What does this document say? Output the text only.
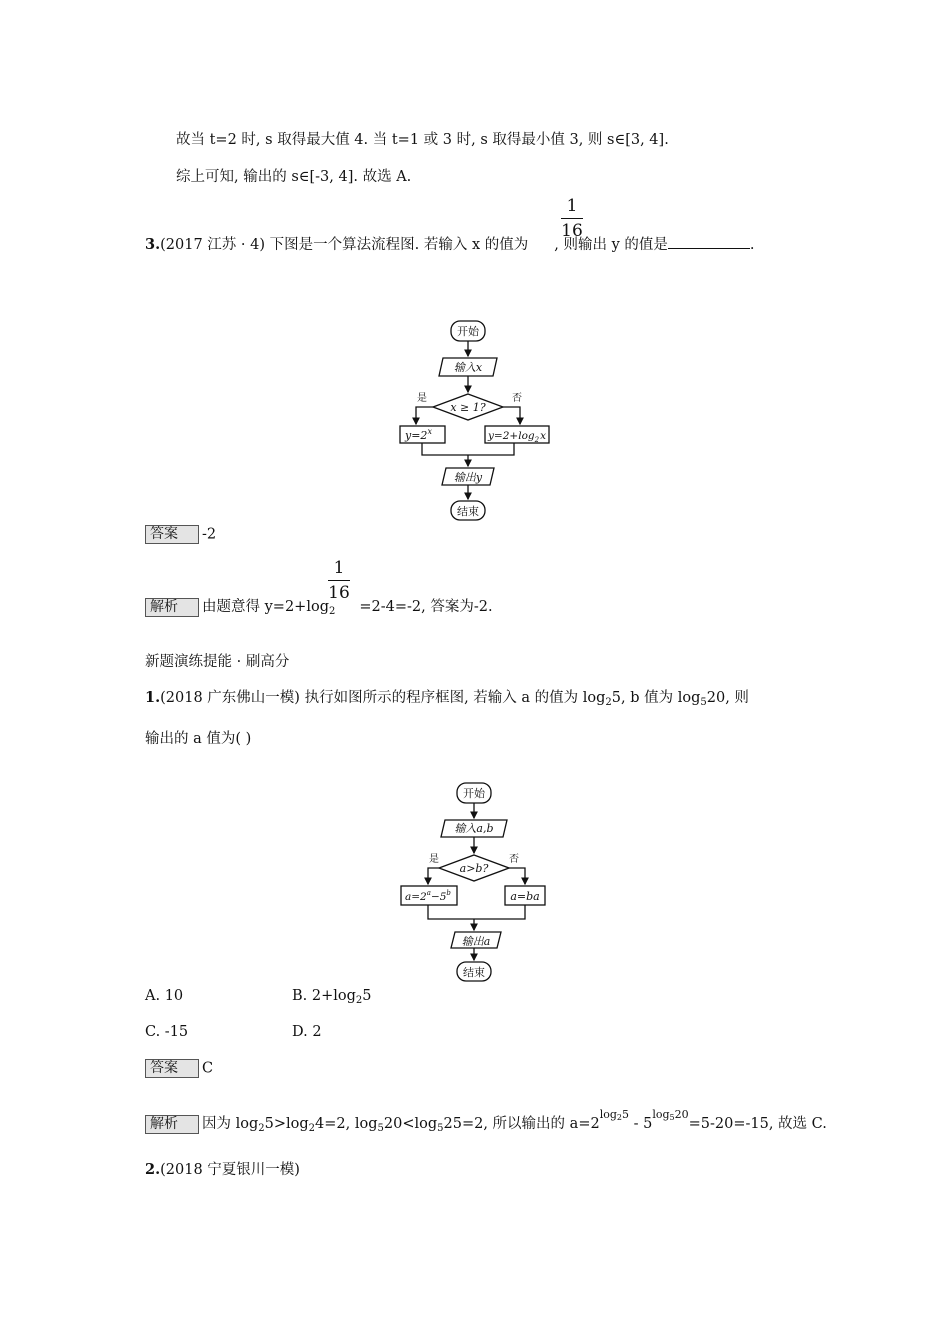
故当 t=2 时, s 取得最大值 4. 当 t=1 或 3 时, s 取得最小值 3, 则 s∈[3, 4].
综上可知, 输出的 s∈[-3, 4]. 故选 A.
3.(2017 江苏 · 4) 下图是一个算法流程图. 若输入 x 的值为 , 则输出 y 的值是	.
1
16
开始
输入x
x ≥ 1?
是	否
$y=2^x$	$y=2+\log_2x$
输出y
结束
答案 -2
解析 由题意得 $y=2+\log_2 =2-4=-2$, 答案为-2.
1
16
新题演练提能 · 刷高分
1.(2018 广东佛山一模) 执行如图所示的程序框图, 若输入 a 的值为 $\log_25$, b 值为 $\log_520$, 则
输出的 a 值为( )
开始
输入a,b
a>b?
是	否
$a=2^a-5^b$	a=ba
输出a
结束
A. 10	B. $2+\log_25$
C. -15	D. 2
答案 C
解析 因为 $\log_25>\log_24=2$, $\log_520<\log_525=2$, 所以输出的 $a=2^{log25} - 5^{log520}=5-20=-15$, 故选 C.
2.(2018 宁夏银川一模)
